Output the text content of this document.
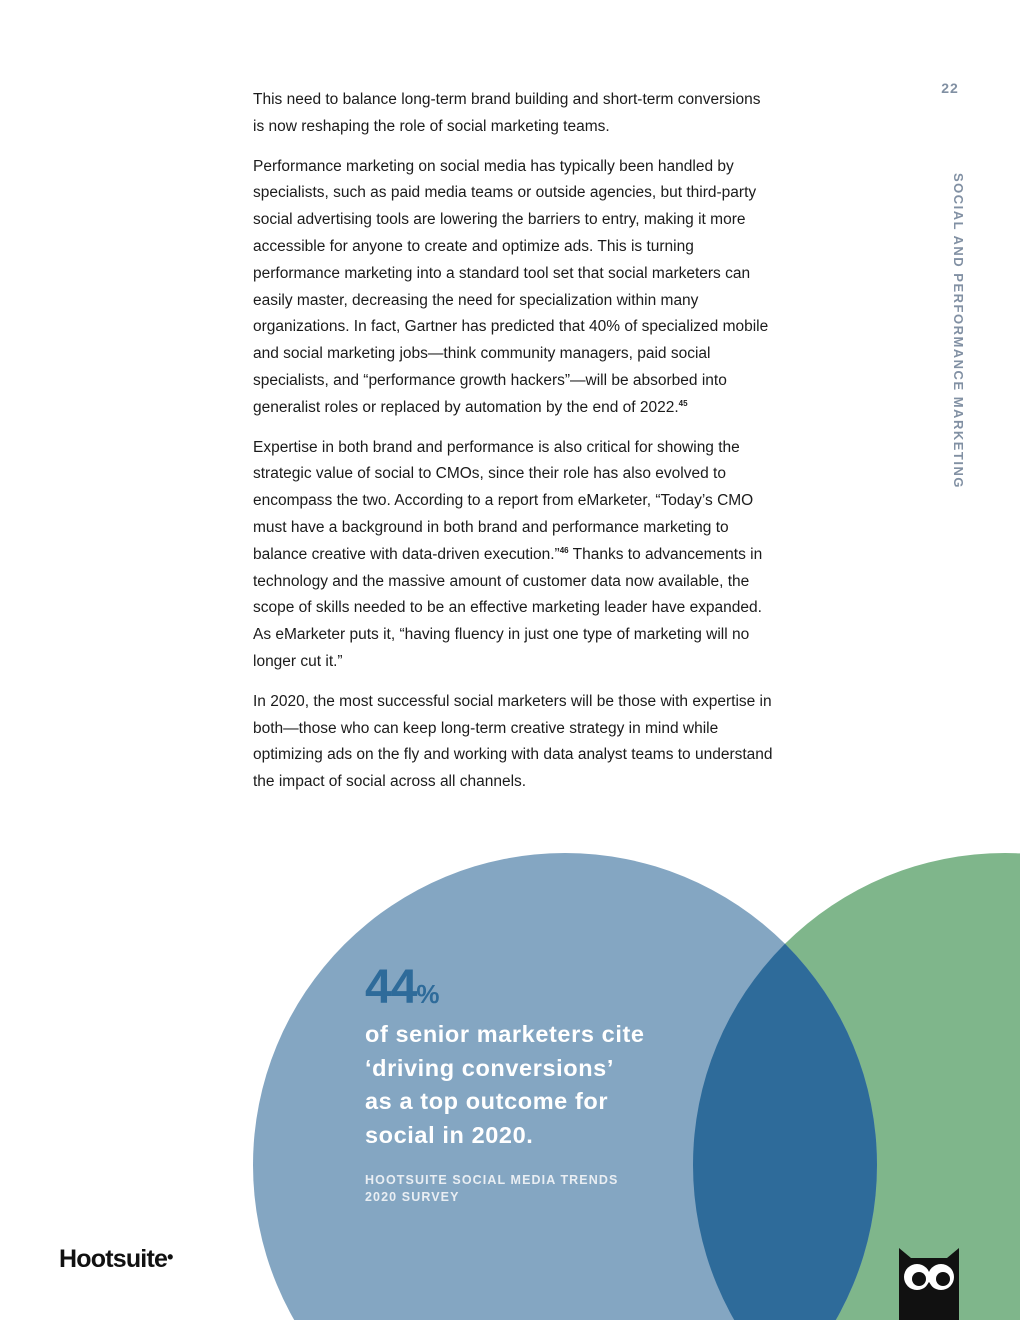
22
SOCIAL AND PERFORMANCE MARKETING

This need to balance long-term brand building and short-term conversions is now reshaping the role of social marketing teams.

Performance marketing on social media has typically been handled by specialists, such as paid media teams or outside agencies, but third-party social advertising tools are lowering the barriers to entry, making it more accessible for anyone to create and optimize ads. This is turning performance marketing into a standard tool set that social marketers can easily master, decreasing the need for specialization within many organizations. In fact, Gartner has predicted that 40% of specialized mobile and social marketing jobs—think community managers, paid social specialists, and “performance growth hackers”—will be absorbed into generalist roles or replaced by automation by the end of 2022.45

Expertise in both brand and performance is also critical for showing the strategic value of social to CMOs, since their role has also evolved to encompass the two. According to a report from eMarketer, “Today’s CMO must have a background in both brand and performance marketing to balance creative with data-driven execution.”$^{46}$ Thanks to advancements in technology and the massive amount of customer data now available, the scope of skills needed to be an effective marketing leader have expanded. As eMarketer puts it, “having fluency in just one type of marketing will no longer cut it.”

In 2020, the most successful social marketers will be those with expertise in both—those who can keep long-term creative strategy in mind while optimizing ads on the fly and working with data analyst teams to understand the impact of social across all channels.

44%
of senior marketers cite
‘driving conversions’
as a top outcome for
social in 2020.
HOOTSUITE SOCIAL MEDIA TRENDS
2020 SURVEY
Hootsuite•
